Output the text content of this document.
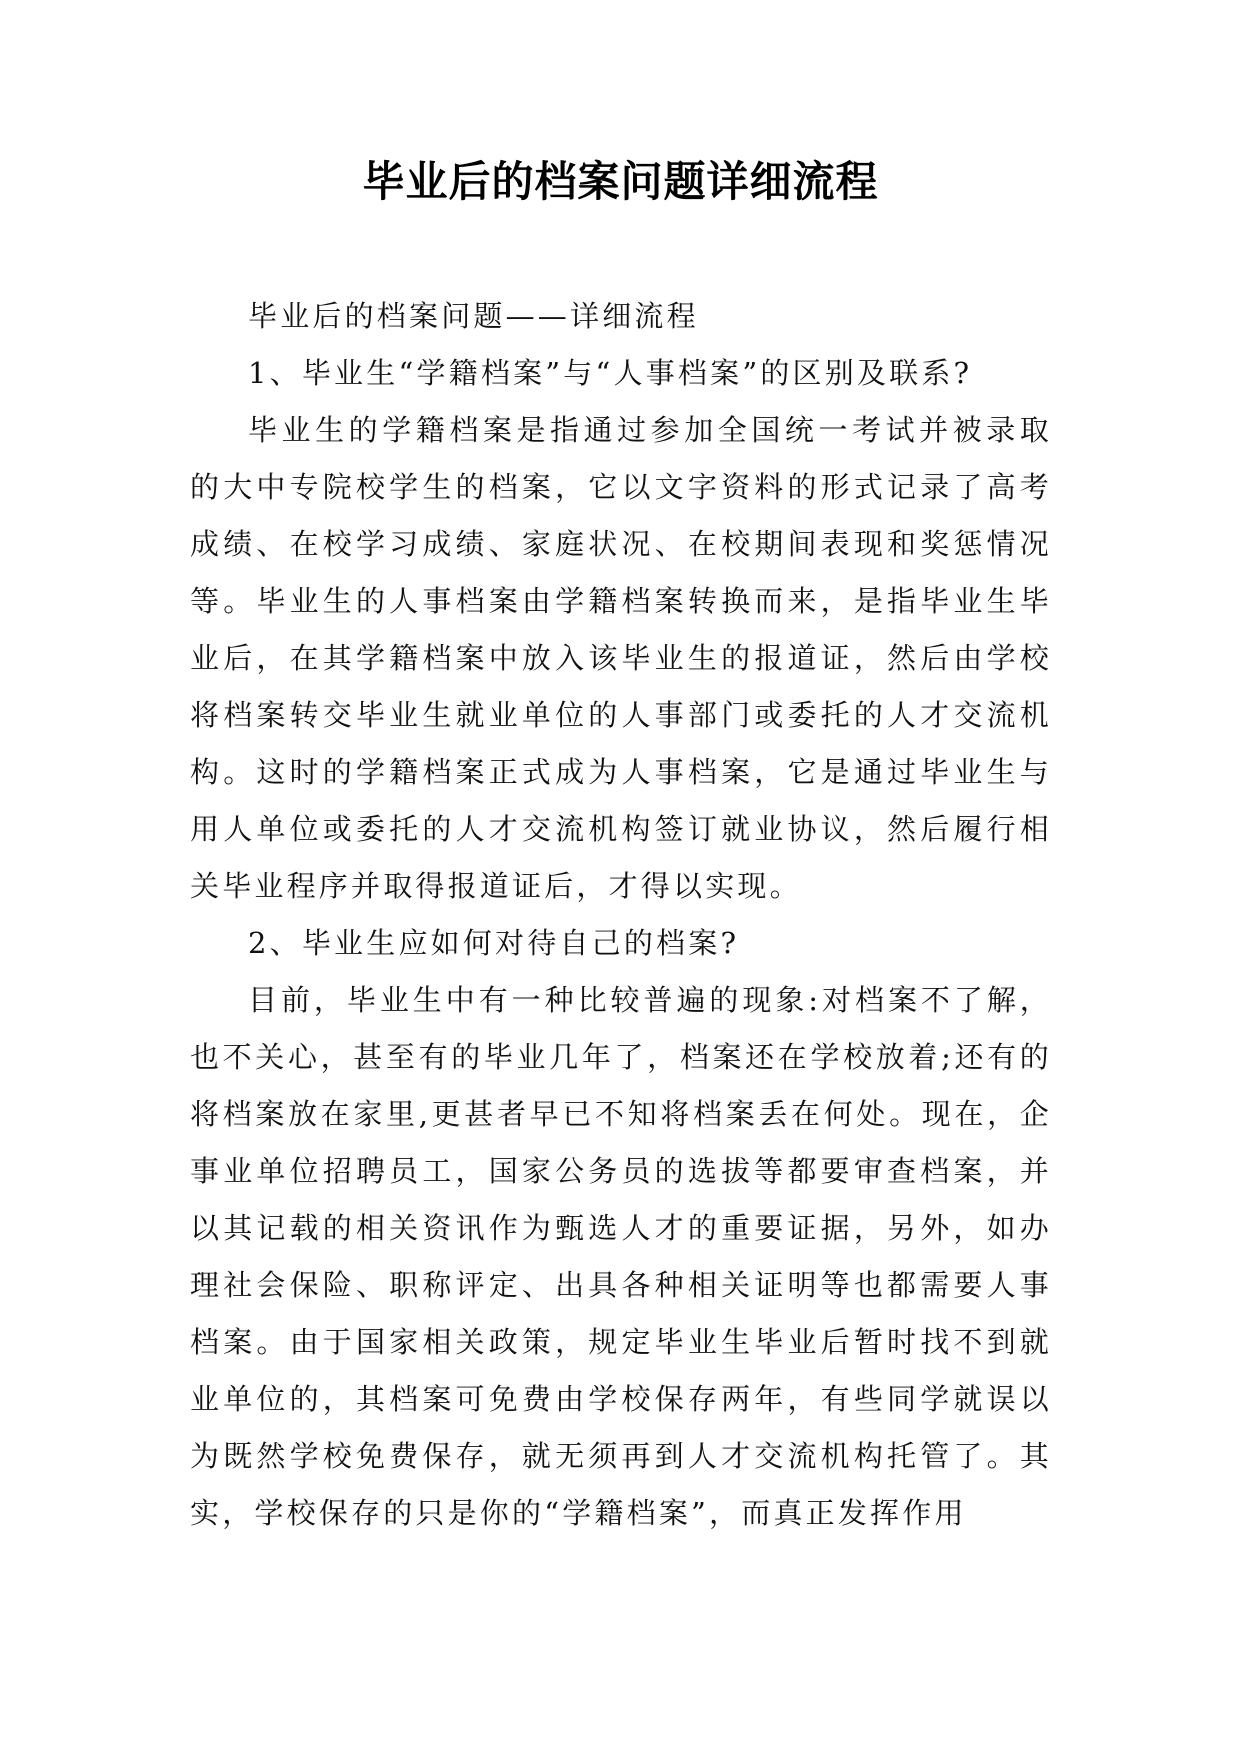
毕业后的档案问题详细流程

毕业后的档案问题——详细流程

1、毕业生“学籍档案”与“人事档案”的区别及联系?

毕业生的学籍档案是指通过参加全国统一考试并被录取的大中专院校学生的档案，它以文字资料的形式记录了高考成绩、在校学习成绩、家庭状况、在校期间表现和奖惩情况等。毕业生的人事档案由学籍档案转换而来，是指毕业生毕业后，在其学籍档案中放入该毕业生的报道证，然后由学校将档案转交毕业生就业单位的人事部门或委托的人才交流机构。这时的学籍档案正式成为人事档案，它是通过毕业生与用人单位或委托的人才交流机构签订就业协议，然后履行相关毕业程序并取得报道证后，才得以实现。

2、毕业生应如何对待自己的档案?

目前，毕业生中有一种比较普遍的现象:对档案不了解，也不关心，甚至有的毕业几年了，档案还在学校放着;还有的将档案放在家里,更甚者早已不知将档案丢在何处。现在，企事业单位招聘员工，国家公务员的选拔等都要审查档案，并以其记载的相关资讯作为甄选人才的重要证据，另外，如办理社会保险、职称评定、出具各种相关证明等也都需要人事档案。由于国家相关政策，规定毕业生毕业后暂时找不到就业单位的，其档案可免费由学校保存两年，有些同学就误以为既然学校免费保存，就无须再到人才交流机构托管了。其实，学校保存的只是你的“学籍档案”，而真正发挥作用
